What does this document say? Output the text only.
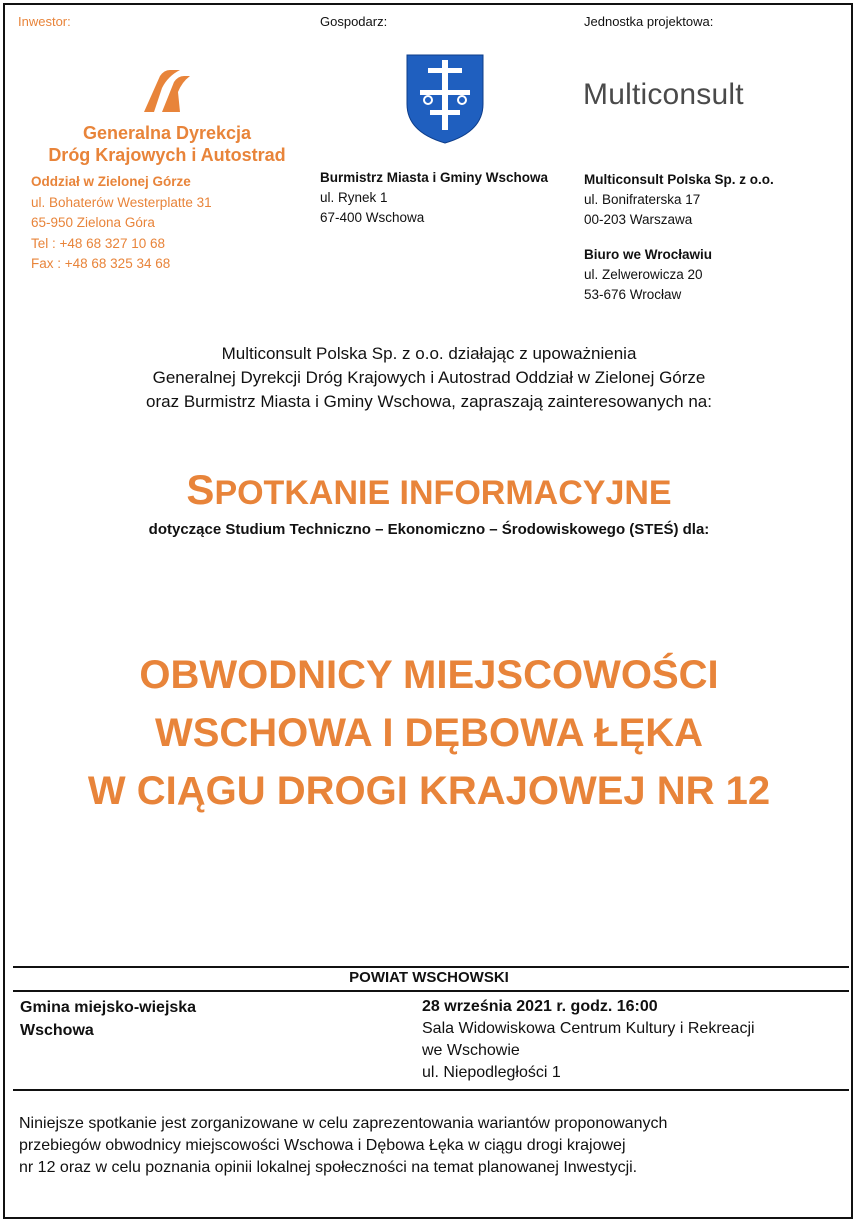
Inwestor:	Gospodarz:	Jednostka projektowa:
Generalna Dyrekcja
Dróg Krajowych i Autostrad
Oddział w Zielonej Górze
ul. Bohaterów Westerplatte 31
65-950 Zielona Góra
Tel : +48 68 327 10 68
Fax : +48 68 325 34 68
Burmistrz Miasta i Gminy Wschowa
ul. Rynek 1
67-400 Wschowa
Multiconsult
Multiconsult Polska Sp. z o.o.
ul. Bonifraterska 17
00-203 Warszawa
Biuro we Wrocławiu
ul. Zelwerowicza 20
53-676 Wrocław
Multiconsult Polska Sp. z o.o. działając z upoważnienia
Generalnej Dyrekcji Dróg Krajowych i Autostrad Oddział w Zielonej Górze
oraz Burmistrz Miasta i Gminy Wschowa, zapraszają zainteresowanych na:
SPOTKANIE INFORMACYJNE
dotyczące Studium Techniczno – Ekonomiczno – Środowiskowego (STEŚ) dla:
OBWODNICY MIEJSCOWOŚCI
WSCHOWA I DĘBOWA ŁĘKA
W CIĄGU DROGI KRAJOWEJ NR 12
POWIAT WSCHOWSKI
Gmina miejsko-wiejska
Wschowa
28 września 2021 r. godz. 16:00
Sala Widowiskowa Centrum Kultury i Rekreacji
we Wschowie
ul. Niepodległości 1
Niniejsze spotkanie jest zorganizowane w celu zaprezentowania wariantów proponowanych
przebiegów obwodnicy miejscowości Wschowa i Dębowa Łęka w ciągu drogi krajowej
nr 12 oraz w celu poznania opinii lokalnej społeczności na temat planowanej Inwestycji.
